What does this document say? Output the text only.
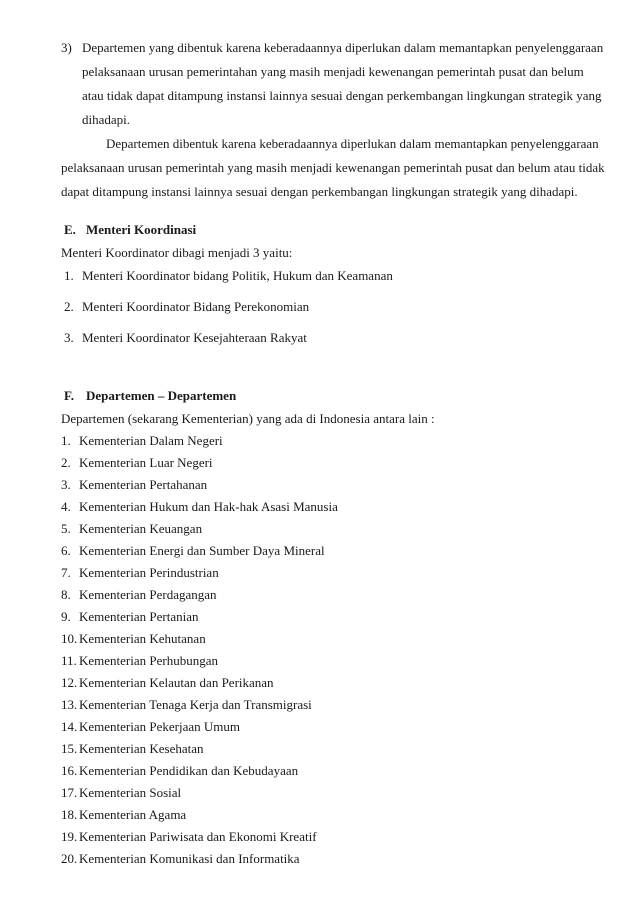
3) Departemen yang dibentuk karena keberadaannya diperlukan dalam memantapkan penyelenggaraan
pelaksanaan urusan pemerintahan yang masih menjadi kewenangan pemerintah pusat dan belum
atau tidak dapat ditampung instansi lainnya sesuai dengan perkembangan lingkungan strategik yang
dihadapi.
Departemen dibentuk karena keberadaannya diperlukan dalam memantapkan penyelenggaraan
pelaksanaan urusan pemerintah yang masih menjadi kewenangan pemerintah pusat dan belum atau tidak
dapat ditampung instansi lainnya sesuai dengan perkembangan lingkungan strategik yang dihadapi.
E. Menteri Koordinasi
Menteri Koordinator dibagi menjadi 3 yaitu:
1. Menteri Koordinator bidang Politik, Hukum dan Keamanan
2. Menteri Koordinator Bidang Perekonomian
3. Menteri Koordinator Kesejahteraan Rakyat
F. Departemen – Departemen
Departemen (sekarang Kementerian) yang ada di Indonesia antara lain :
1. Kementerian Dalam Negeri
2. Kementerian Luar Negeri
3. Kementerian Pertahanan
4. Kementerian Hukum dan Hak-hak Asasi Manusia
5. Kementerian Keuangan
6. Kementerian Energi dan Sumber Daya Mineral
7. Kementerian Perindustrian
8. Kementerian Perdagangan
9. Kementerian Pertanian
10. Kementerian Kehutanan
11. Kementerian Perhubungan
12. Kementerian Kelautan dan Perikanan
13. Kementerian Tenaga Kerja dan Transmigrasi
14. Kementerian Pekerjaan Umum
15. Kementerian Kesehatan
16. Kementerian Pendidikan dan Kebudayaan
17. Kementerian Sosial
18. Kementerian Agama
19. Kementerian Pariwisata dan Ekonomi Kreatif
20. Kementerian Komunikasi dan Informatika
